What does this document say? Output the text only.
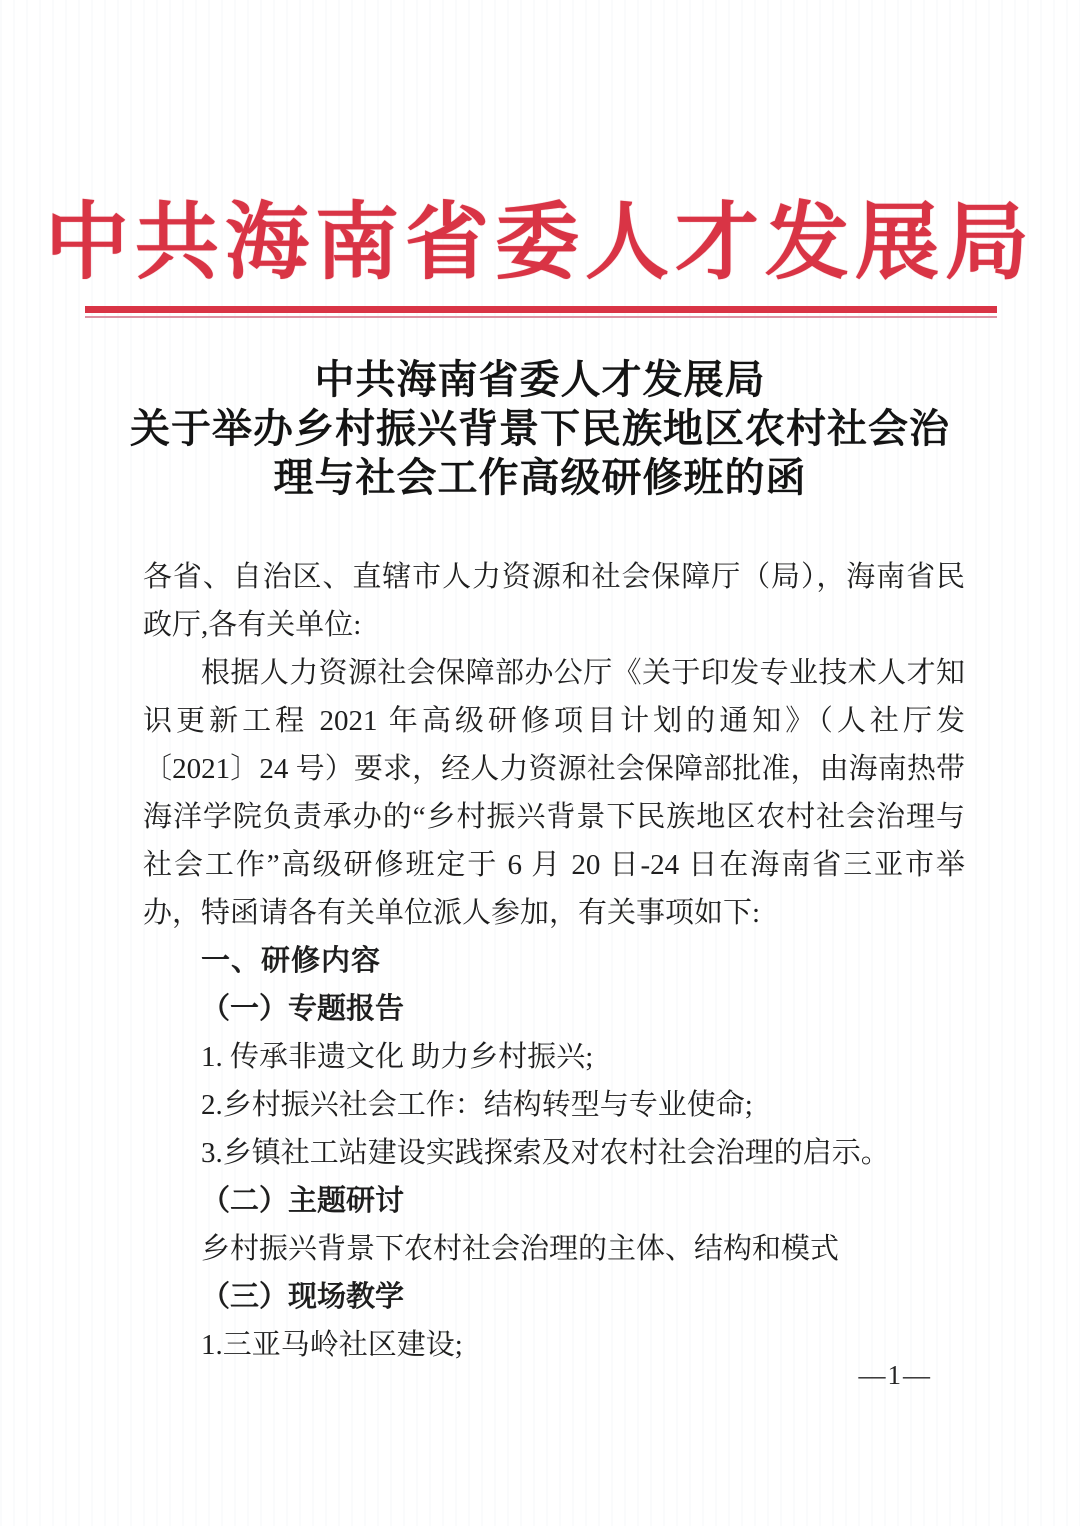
中共海南省委人才发展局
中共海南省委人才发展局
关于举办乡村振兴背景下民族地区农村社会治
理与社会工作高级研修班的函
各省、自治区、直辖市人力资源和社会保障厅（局），海南省民政厅,各有关单位:
根据人力资源社会保障部办公厅《关于印发专业技术人才知识更新工程 2021 年高级研修项目计划的通知》（人社厅发〔2021〕24 号）要求，经人力资源社会保障部批准，由海南热带海洋学院负责承办的“乡村振兴背景下民族地区农村社会治理与社会工作”高级研修班定于 6 月 20 日-24 日在海南省三亚市举办，特函请各有关单位派人参加，有关事项如下:
一、研修内容
（一）专题报告
1. 传承非遗文化 助力乡村振兴;
2.乡村振兴社会工作：结构转型与专业使命;
3.乡镇社工站建设实践探索及对农村社会治理的启示。
（二）主题研讨
乡村振兴背景下农村社会治理的主体、结构和模式
（三）现场教学
1.三亚马岭社区建设;
—1—
